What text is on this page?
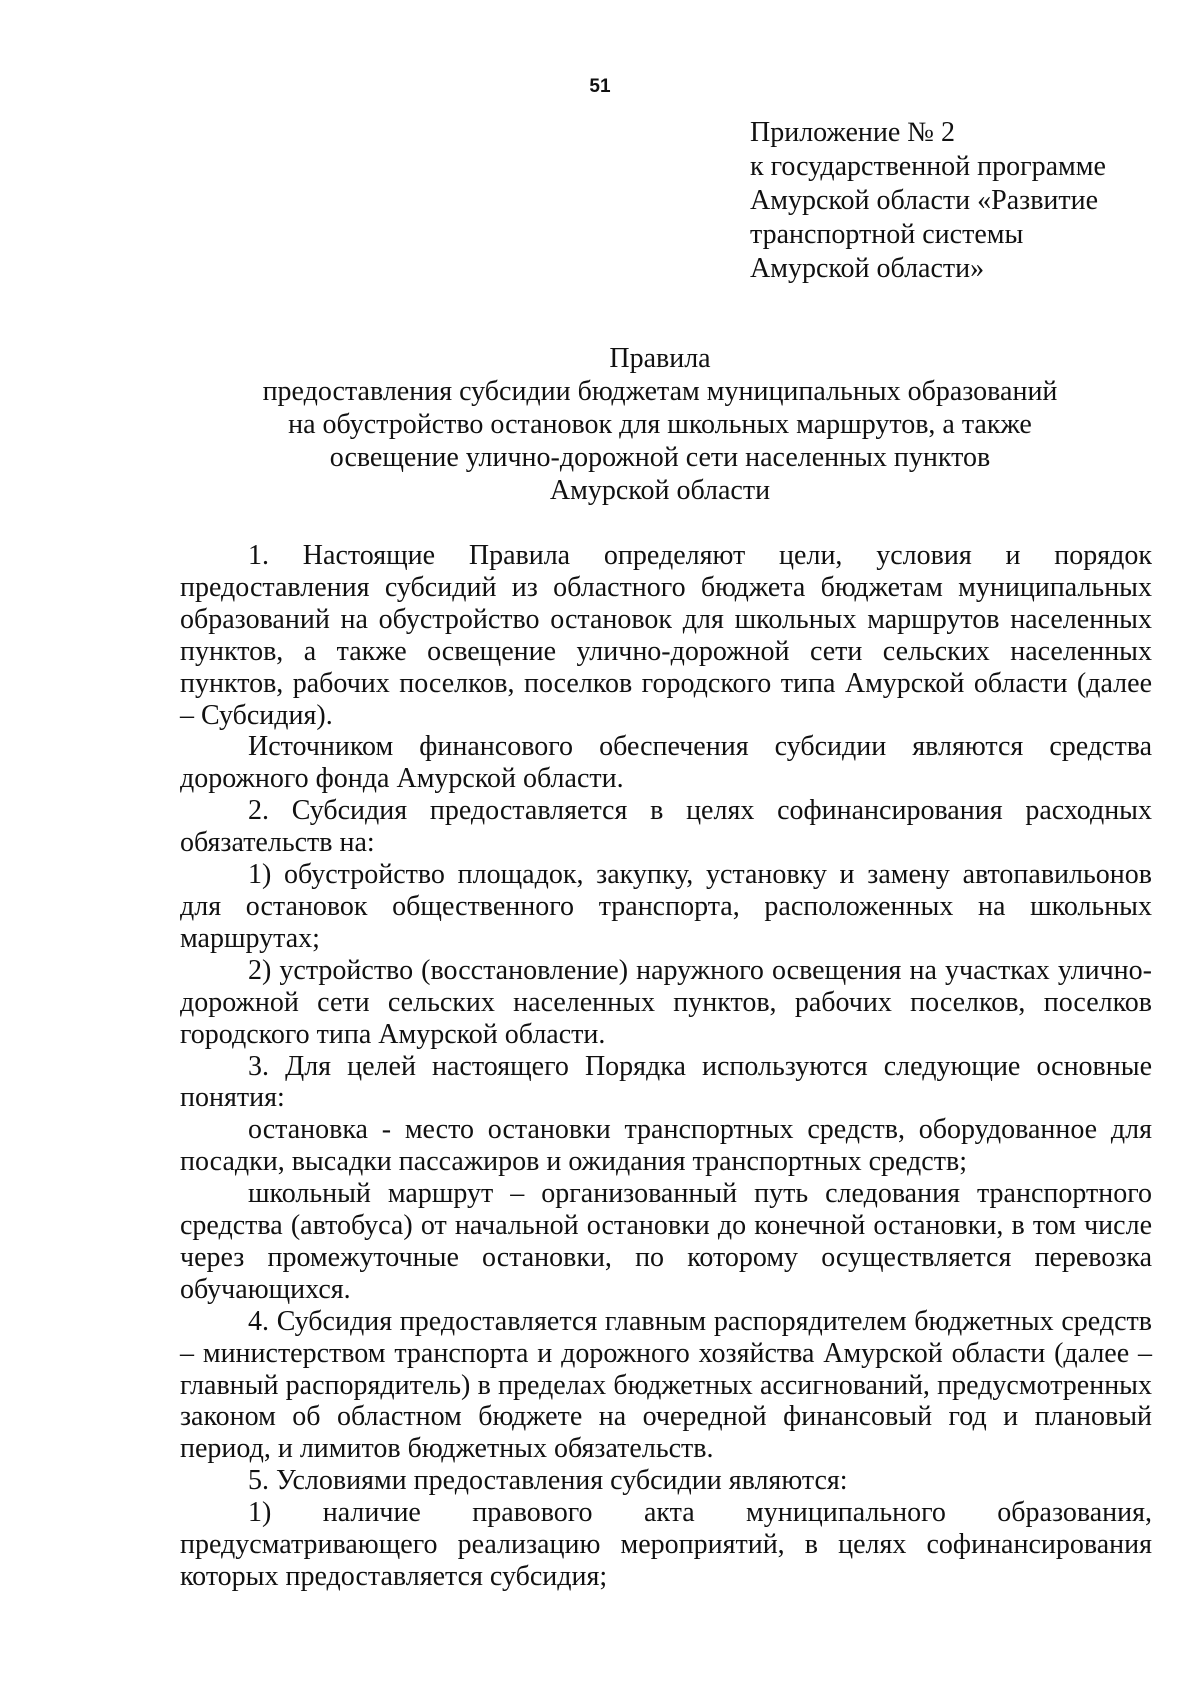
51
Приложение № 2
к государственной программе
Амурской области «Развитие
транспортной системы
Амурской области»
Правила
предоставления субсидии бюджетам муниципальных образований
на обустройство остановок для школьных маршрутов, а также
освещение улично-дорожной сети населенных пунктов
Амурской области

1. Настоящие Правила определяют цели, условия и порядок предоставления субсидий из областного бюджета бюджетам муниципальных образований на обустройство остановок для школьных маршрутов населенных пунктов, а также освещение улично-дорожной сети сельских населенных пунктов, рабочих поселков, поселков городского типа Амурской области (далее – Субсидия).

Источником финансового обеспечения субсидии являются средства дорожного фонда Амурской области.

2. Субсидия предоставляется в целях софинансирования расходных обязательств на:

1) обустройство площадок, закупку, установку и замену автопавильонов для остановок общественного транспорта, расположенных на школьных маршрутах;

2) устройство (восстановление) наружного освещения на участках улично-дорожной сети сельских населенных пунктов, рабочих поселков, поселков городского типа Амурской области.

3. Для целей настоящего Порядка используются следующие основные понятия:

остановка - место остановки транспортных средств, оборудованное для посадки, высадки пассажиров и ожидания транспортных средств;

школьный маршрут – организованный путь следования транспортного средства (автобуса) от начальной остановки до конечной остановки, в том числе через промежуточные остановки, по которому осуществляется перевозка обучающихся.

4. Субсидия предоставляется главным распорядителем бюджетных средств – министерством транспорта и дорожного хозяйства Амурской области (далее – главный распорядитель) в пределах бюджетных ассигнований, предусмотренных законом об областном бюджете на очередной финансовый год и плановый период, и лимитов бюджетных обязательств.

5. Условиями предоставления субсидии являются:

1) наличие правового акта муниципального образования, предусматривающего реализацию мероприятий, в целях софинансирования которых предоставляется субсидия;
